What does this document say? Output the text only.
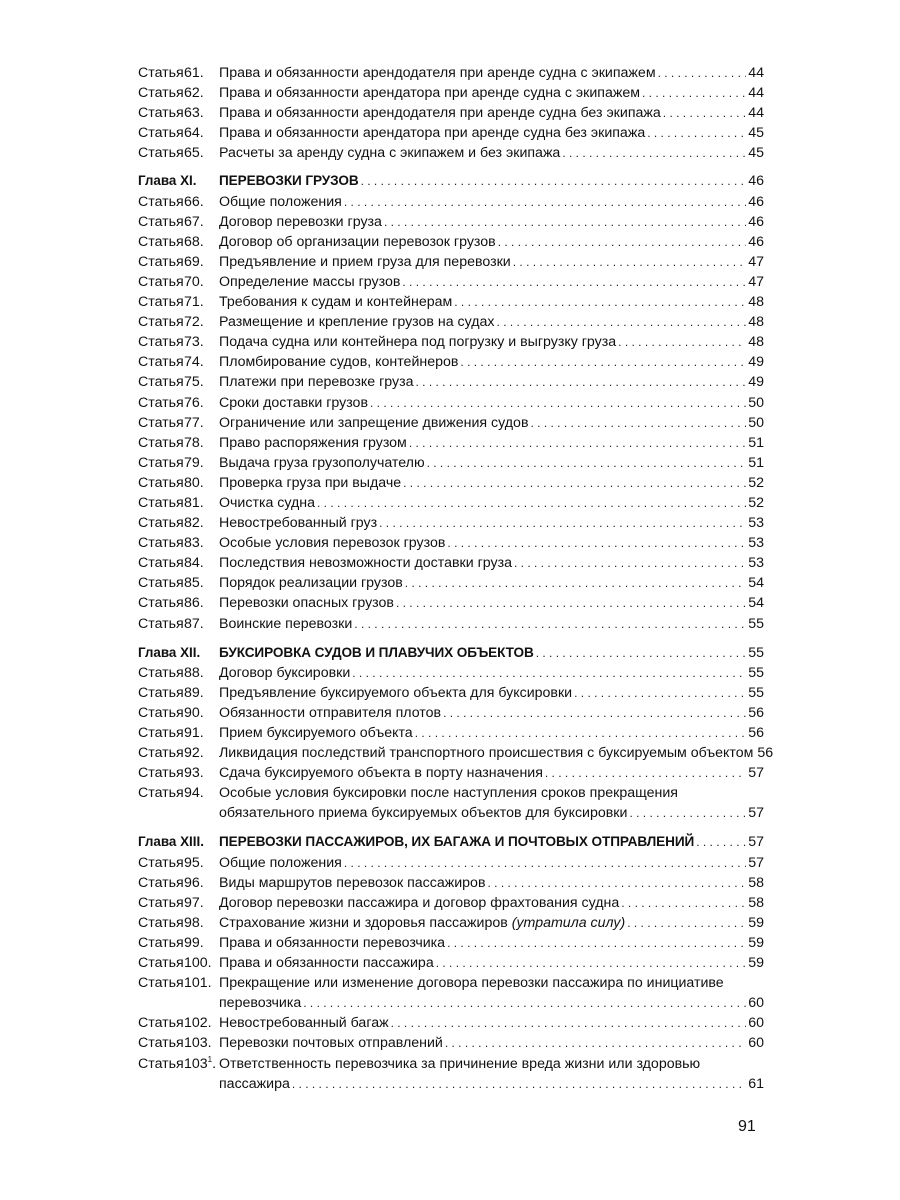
Статья 61.	Права и обязанности арендодателя при аренде судна с экипажем . . .	44
Статья 62.	Права и обязанности арендатора при аренде судна с экипажем . . .	44
Статья 63.	Права и обязанности арендодателя при аренде судна без экипажа . . .	44
Статья 64.	Права и обязанности арендатора при аренде судна без экипажа . . .	45
Статья 65.	Расчеты за аренду судна с экипажем и без экипажа . . .	45
Глава XI.	ПЕРЕВОЗКИ ГРУЗОВ . . .	46
Статья 66.	Общие положения . . .	46
Статья 67.	Договор перевозки груза . . .	46
Статья 68.	Договор об организации перевозок грузов . . .	46
Статья 69.	Предъявление и прием груза для перевозки . . .	47
Статья 70.	Определение массы грузов . . .	47
Статья 71.	Требования к судам и контейнерам . . .	48
Статья 72.	Размещение и крепление грузов на судах . . .	48
Статья 73.	Подача судна или контейнера под погрузку и выгрузку груза . . .	48
Статья 74.	Пломбирование судов, контейнеров . . .	49
Статья 75.	Платежи при перевозке груза . . .	49
Статья 76.	Сроки доставки грузов . . .	50
Статья 77.	Ограничение или запрещение движения судов . . .	50
Статья 78.	Право распоряжения грузом . . .	51
Статья 79.	Выдача груза грузополучателю . . .	51
Статья 80.	Проверка груза при выдаче . . .	52
Статья 81.	Очистка судна . . .	52
Статья 82.	Невостребованный груз . . .	53
Статья 83.	Особые условия перевозок грузов . . .	53
Статья 84.	Последствия невозможности доставки груза . . .	53
Статья 85.	Порядок реализации грузов . . .	54
Статья 86.	Перевозки опасных грузов . . .	54
Статья 87.	Воинские перевозки . . .	55
Глава XII.	БУКСИРОВКА СУДОВ И ПЛАВУЧИХ ОБЪЕКТОВ . . .	55
Статья 88.	Договор буксировки . . .	55
Статья 89.	Предъявление буксируемого объекта для буксировки . . .	55
Статья 90.	Обязанности отправителя плотов . . .	56
Статья 91.	Прием буксируемого объекта . . .	56
Статья 92.	Ликвидация последствий транспортного происшествия с буксируемым объектом 56
Статья 93.	Сдача буксируемого объекта в порту назначения . . .	57
Статья 94.	Особые условия буксировки после наступления сроков прекращения
обязательного приема буксируемых объектов для буксировки . . .	57
Глава XIII.	ПЕРЕВОЗКИ ПАССАЖИРОВ, ИХ БАГАЖА И ПОЧТОВЫХ ОТПРАВЛЕНИЙ . . .	57
Статья 95.	Общие положения . . .	57
Статья 96.	Виды маршрутов перевозок пассажиров . . .	58
Статья 97.	Договор перевозки пассажира и договор фрахтования судна . . .	58
Статья 98.	Страхование жизни и здоровья пассажиров (утратила силу) . . .	59
Статья 99.	Права и обязанности перевозчика . . .	59
Статья 100. Права и обязанности пассажира . . .	59
Статья 101. Прекращение или изменение договора перевозки пассажира по инициативе
перевозчика . . .	60
Статья 102. Невостребованный багаж . . .	60
Статья 103. Перевозки почтовых отправлений . . .	60
Статья $103^1$. Ответственность перевозчика за причинение вреда жизни или здоровью
пассажира . . .	61
91
